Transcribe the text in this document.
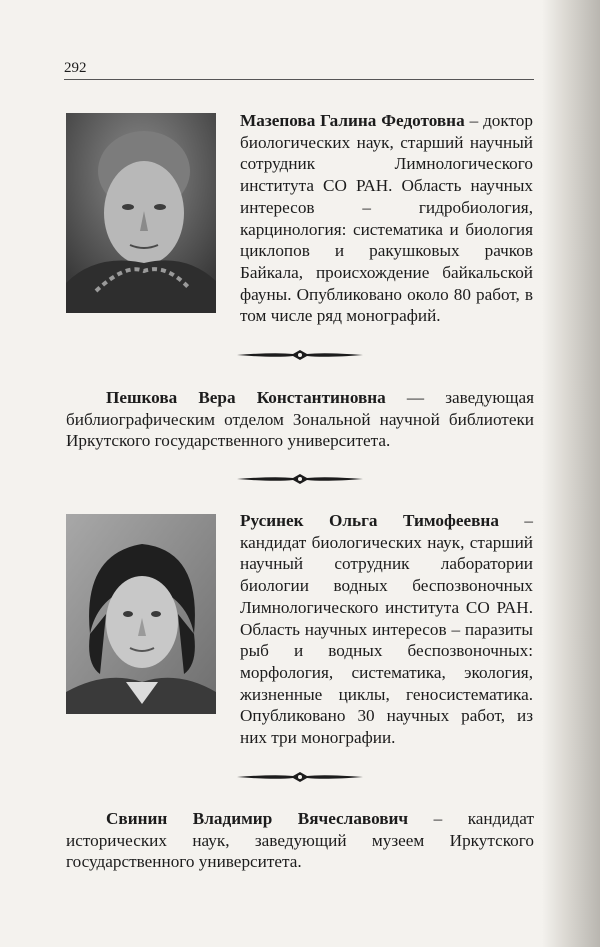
292
Мазепова Галина Федотовна – доктор биологических наук, старший научный сотрудник Лимнологического института СО РАН. Область научных интересов – гидробиология, карцинология: систематика и биология циклопов и ракушковых рачков Байкала, происхождение байкальской фауны. Опубликовано около 80 работ, в том числе ряд монографий.
Пешкова Вера Константиновна — заведующая библиографическим отделом Зональной научной библиотеки Иркутского государственного университета.
Русинек Ольга Тимофеевна – кандидат биологических наук, старший научный сотрудник лаборатории биологии водных беспозвоночных Лимнологического института СО РАН. Область научных интересов – паразиты рыб и водных беспозвоночных: морфология, систематика, экология, жизненные циклы, геносистематика. Опубликовано 30 научных работ, из них три монографии.
Свинин Владимир Вячеславович – кандидат исторических наук, заведующий музеем Иркутского государственного университета.
